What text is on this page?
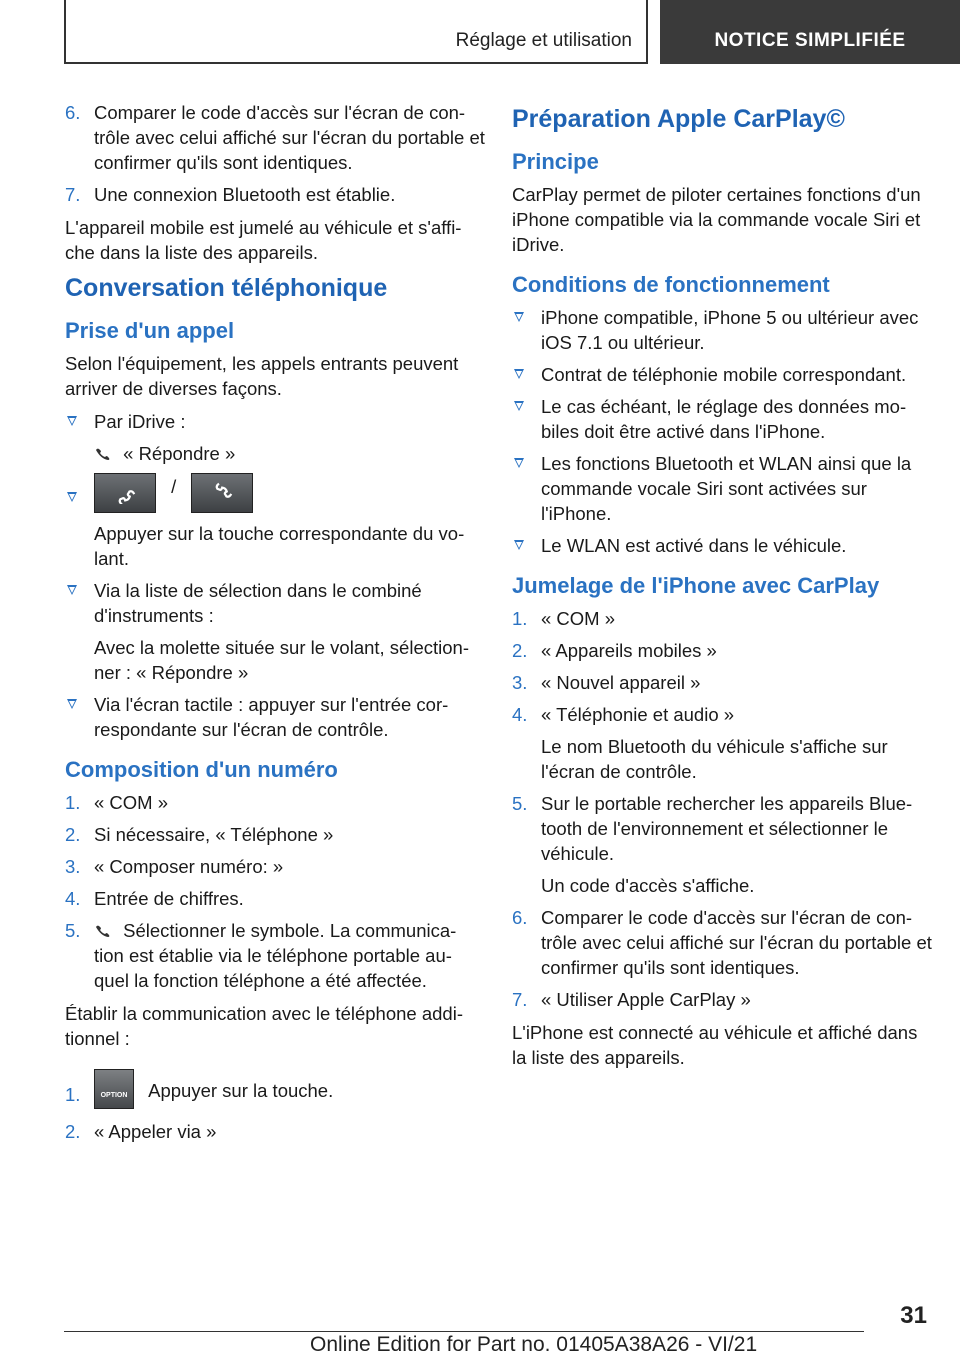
Réglage et utilisation	NOTICE SIMPLIFIÉE
6. Comparer le code d'accès sur l'écran de con-trôle avec celui affiché sur l'écran du portable et confirmer qu'ils sont identiques.
7. Une connexion Bluetooth est établie.

L'appareil mobile est jumelé au véhicule et s'affi-che dans la liste des appareils.

Conversation téléphonique
Prise d'un appel

Selon l'équipement, les appels entrants peuvent arriver de diverses façons.

Par iDrive :
« Répondre »
/
Appuyer sur la touche correspondante du vo-lant.
Via la liste de sélection dans le combiné d'instruments :
Avec la molette située sur le volant, sélection-ner : « Répondre »
Via l'écran tactile : appuyer sur l'entrée cor-respondante sur l'écran de contrôle.
Composition d'un numéro
1. « COM »
2. Si nécessaire, « Téléphone »
3. « Composer numéro: »
4. Entrée de chiffres.
5. Sélectionner le symbole. La communica-tion est établie via le téléphone portable au-quel la fonction téléphone a été affectée.

Établir la communication avec le téléphone addi-tionnel :

1.	OPTION	Appuyer sur la touche.
2. « Appeler via »
Préparation Apple CarPlay©
Principe

CarPlay permet de piloter certaines fonctions d'un iPhone compatible via la commande vocale Siri et iDrive.

Conditions de fonctionnement
iPhone compatible, iPhone 5 ou ultérieur avec iOS 7.1 ou ultérieur.
Contrat de téléphonie mobile correspondant.
Le cas échéant, le réglage des données mo-biles doit être activé dans l'iPhone.
Les fonctions Bluetooth et WLAN ainsi que la commande vocale Siri sont activées sur l'iPhone.
Le WLAN est activé dans le véhicule.
Jumelage de l'iPhone avec CarPlay
1. « COM »
2. « Appareils mobiles »
3. « Nouvel appareil »
4. « Téléphonie et audio »
Le nom Bluetooth du véhicule s'affiche sur l'écran de contrôle.
5. Sur le portable rechercher les appareils Blue-tooth de l'environnement et sélectionner le véhicule.
Un code d'accès s'affiche.
6. Comparer le code d'accès sur l'écran de con-trôle avec celui affiché sur l'écran du portable et confirmer qu'ils sont identiques.
7. « Utiliser Apple CarPlay »

L'iPhone est connecté au véhicule et affiché dans la liste des appareils.

31
Online Edition for Part no. 01405A38A26 - VI/21
